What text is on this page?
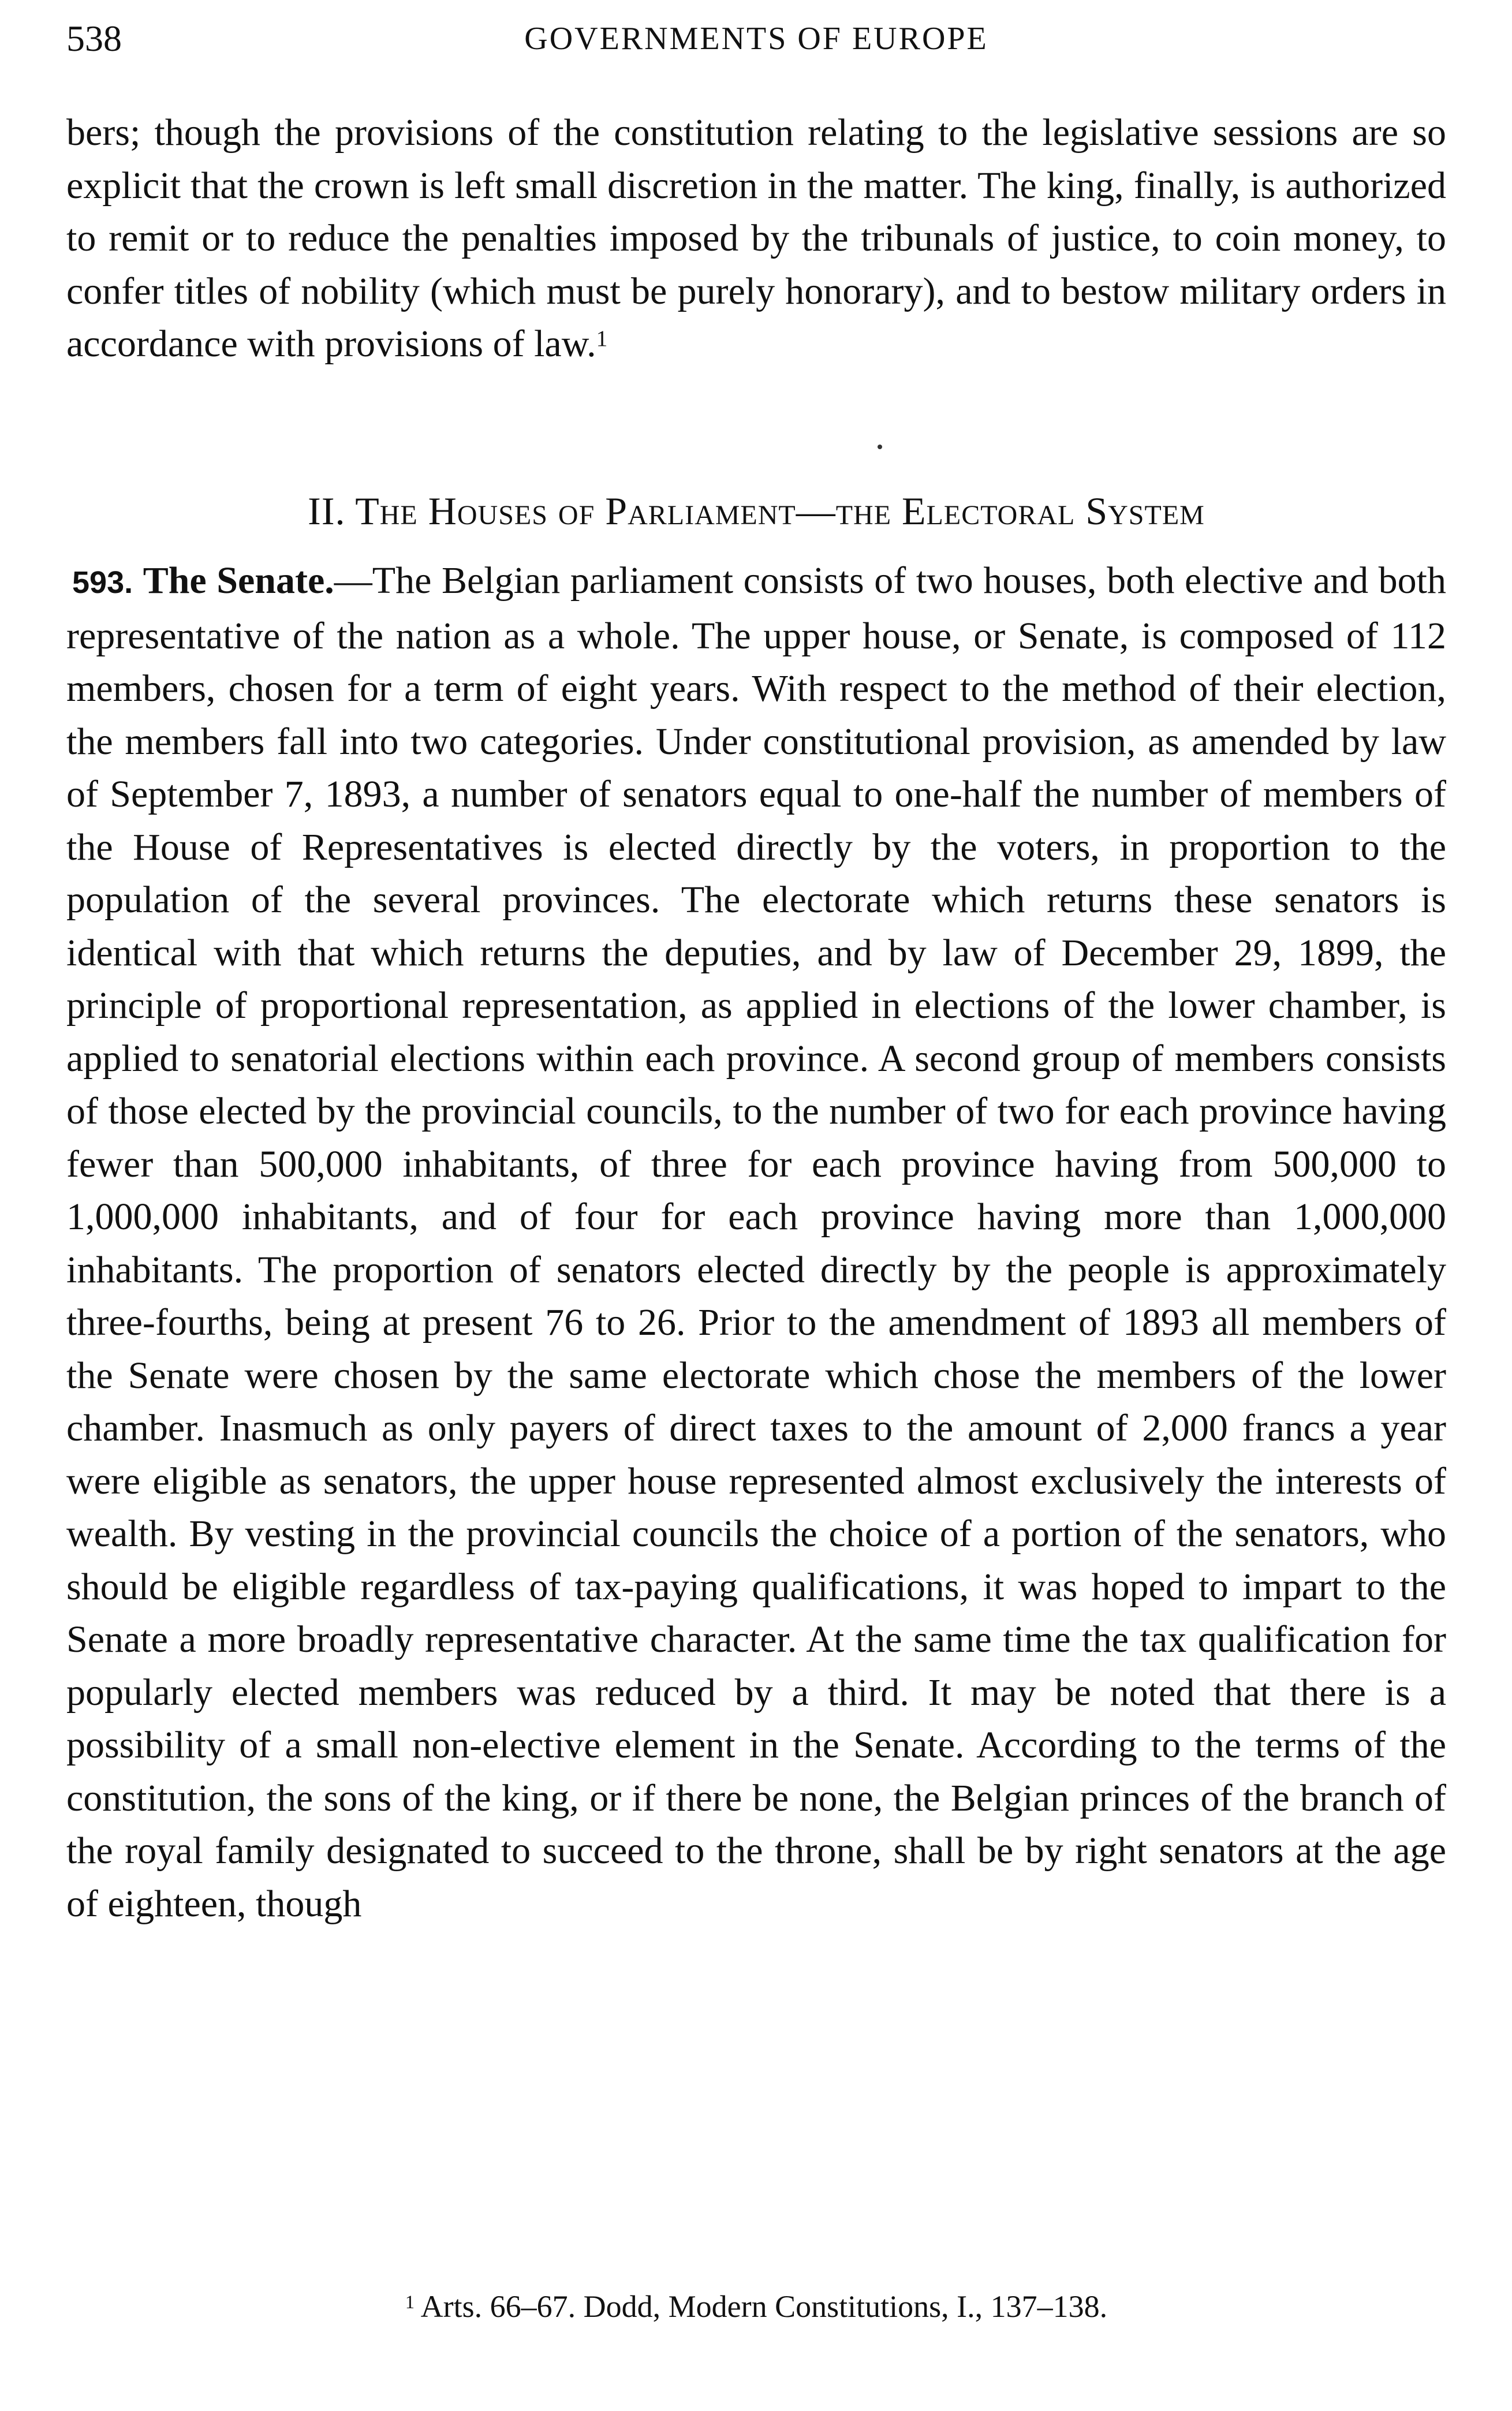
538	GOVERNMENTS OF EUROPE

bers; though the provisions of the constitution relating to the legislative sessions are so explicit that the crown is left small discretion in the matter. The king, finally, is authorized to remit or to reduce the penalties imposed by the tribunals of justice, to coin money, to confer titles of nobility (which must be purely honorary), and to bestow military orders in accordance with provisions of law.$^1$

II. The Houses of Parliament—the Electoral System

593. The Senate.—The Belgian parliament consists of two houses, both elective and both representative of the nation as a whole. The upper house, or Senate, is composed of 112 members, chosen for a term of eight years. With respect to the method of their election, the members fall into two categories. Under constitutional provision, as amended by law of September 7, 1893, a number of senators equal to one-half the number of members of the House of Representatives is elected directly by the voters, in proportion to the population of the several provinces. The electorate which returns these senators is identical with that which returns the deputies, and by law of December 29, 1899, the principle of proportional representation, as applied in elections of the lower chamber, is applied to senatorial elections within each province. A second group of members consists of those elected by the provincial councils, to the number of two for each province having fewer than 500,000 inhabitants, of three for each province having from 500,000 to 1,000,000 inhabitants, and of four for each province having more than 1,000,000 inhabitants. The proportion of senators elected directly by the people is approximately three-fourths, being at present 76 to 26. Prior to the amendment of 1893 all members of the Senate were chosen by the same electorate which chose the members of the lower chamber. Inasmuch as only payers of direct taxes to the amount of 2,000 francs a year were eligible as senators, the upper house represented almost exclusively the interests of wealth. By vesting in the provincial councils the choice of a portion of the senators, who should be eligible regardless of tax-paying qualifications, it was hoped to impart to the Senate a more broadly representative character. At the same time the tax qualification for popularly elected members was reduced by a third. It may be noted that there is a possibility of a small non-elective element in the Senate. According to the terms of the constitution, the sons of the king, or if there be none, the Belgian princes of the branch of the royal family designated to succeed to the throne, shall be by right senators at the age of eighteen, though

$^1$ Arts. 66–67. Dodd, Modern Constitutions, I., 137–138.
